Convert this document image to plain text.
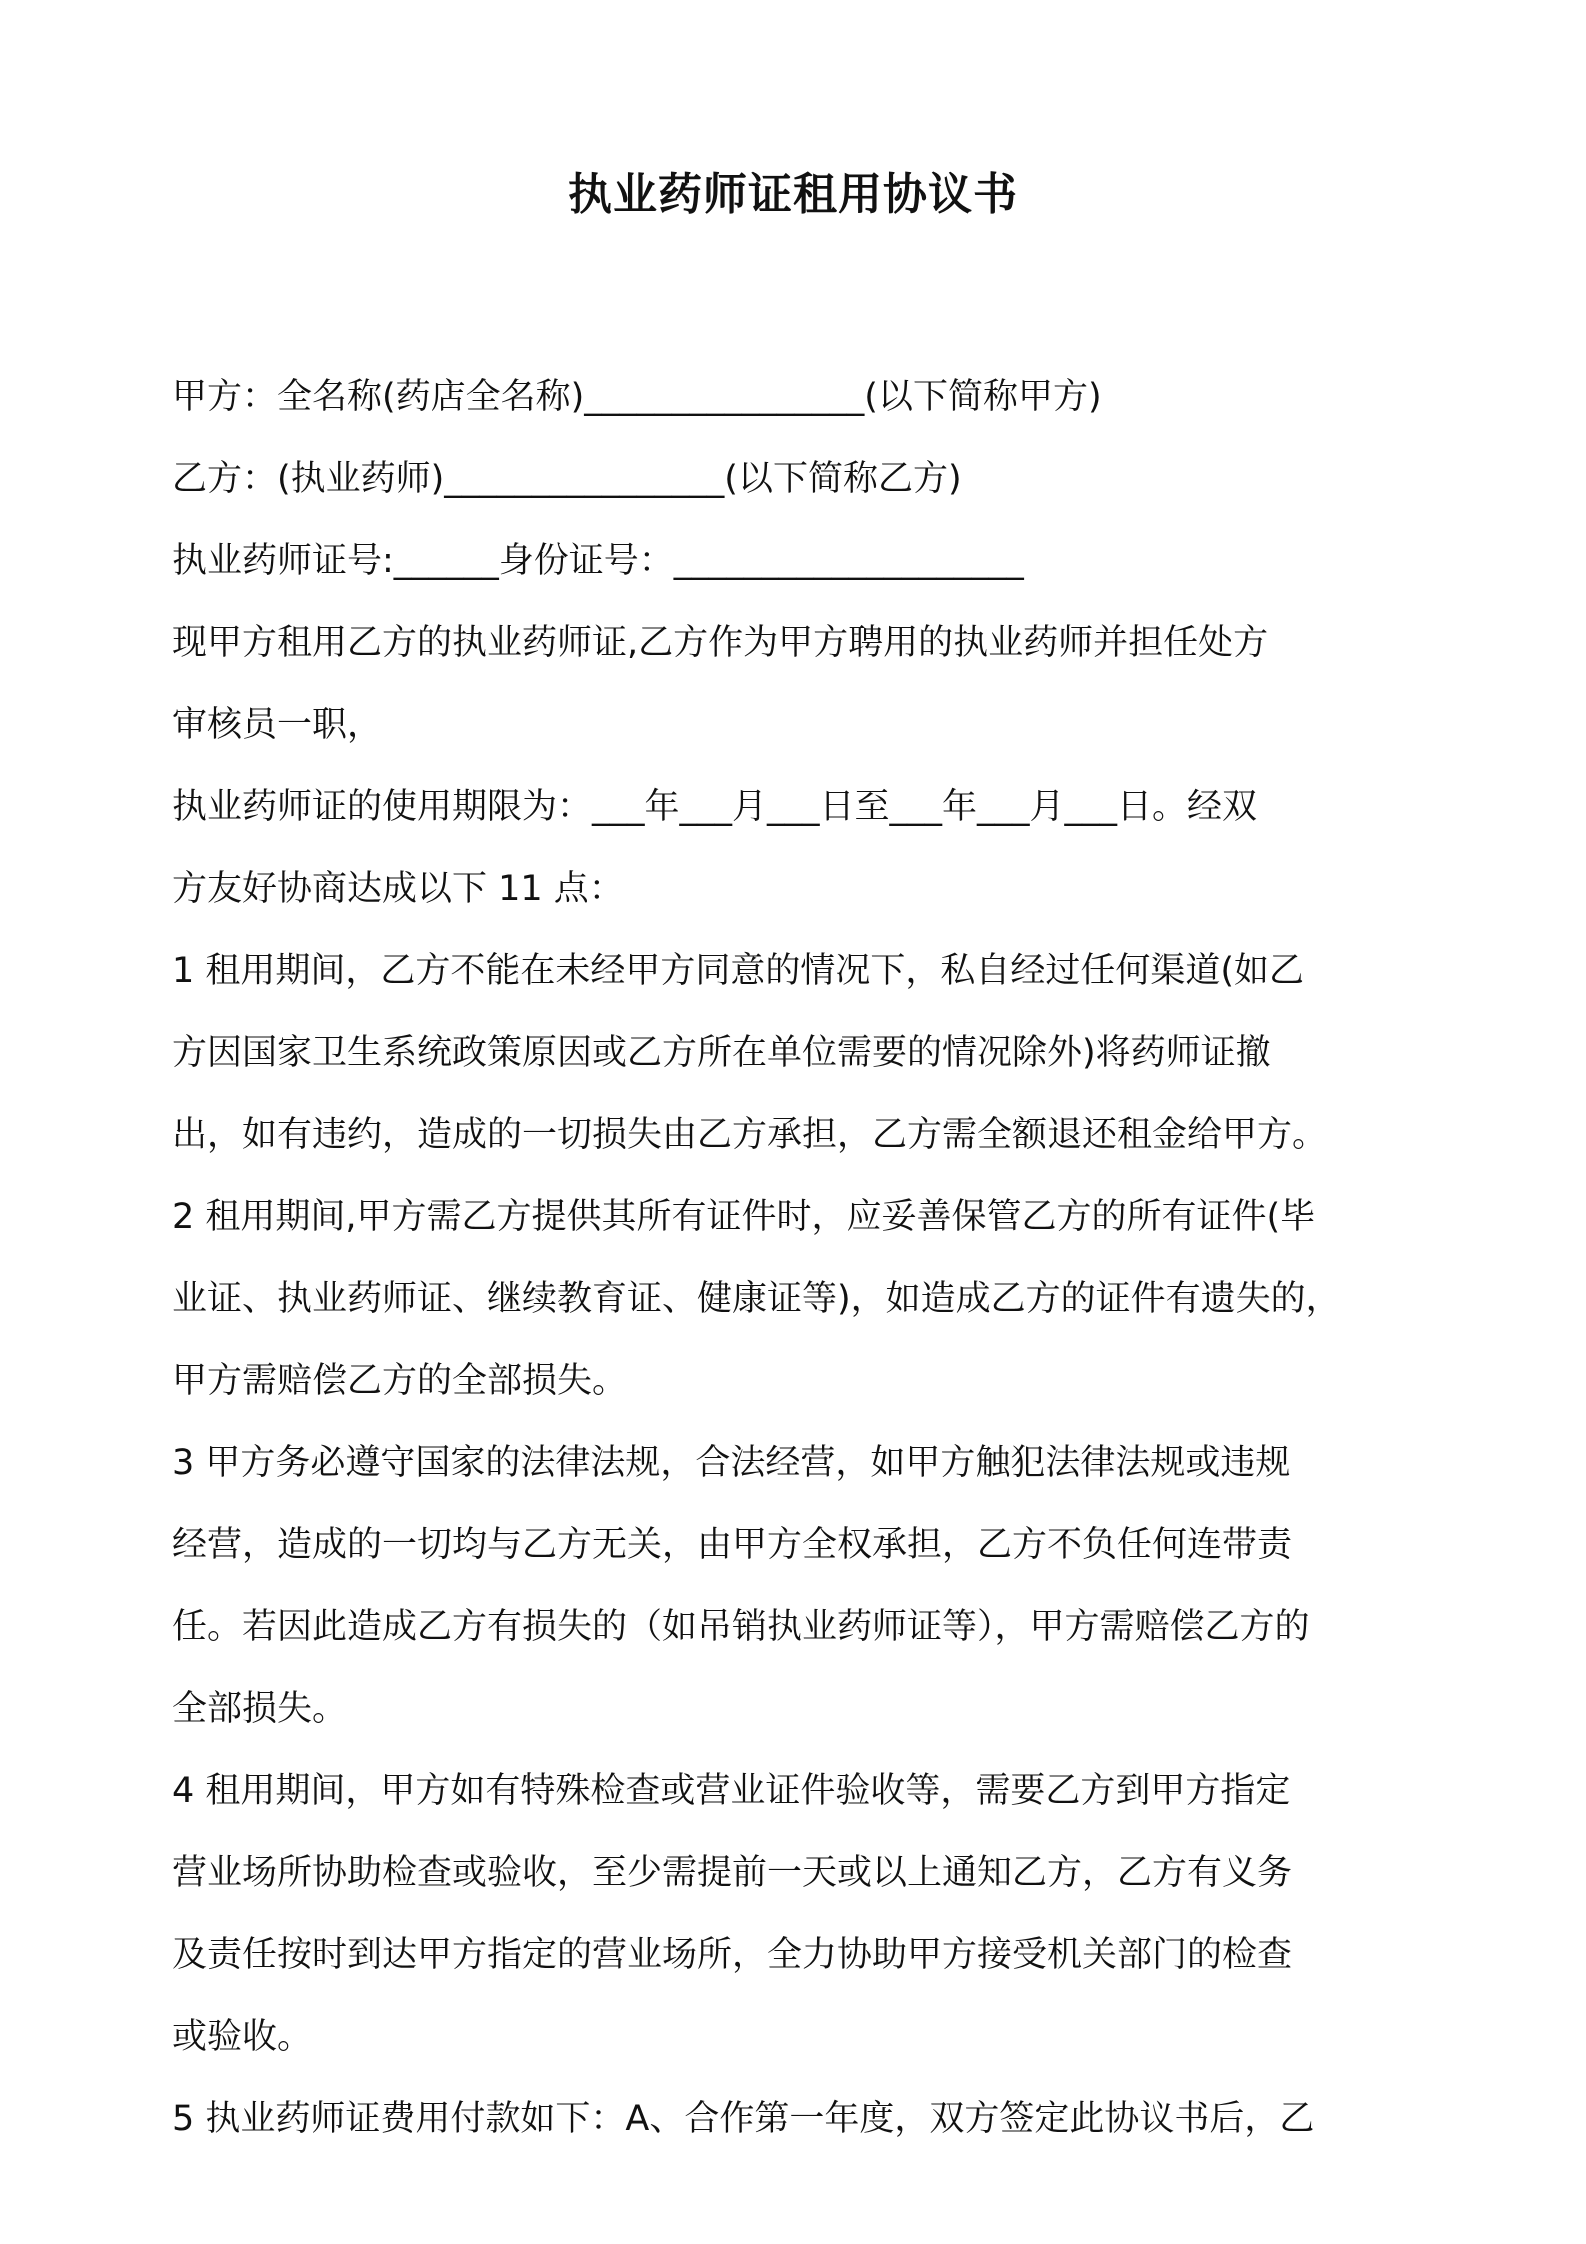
执业药师证租用协议书

甲方：全名称(药店全名称)________________(以下简称甲方)

乙方：(执业药师)________________(以下简称乙方)

执业药师证号:______身份证号：____________________

现甲方租用乙方的执业药师证,乙方作为甲方聘用的执业药师并担任处方

审核员一职，

执业药师证的使用期限为：___年___月___日至___年___月___日。经双

方友好协商达成以下 11 点：

1 租用期间，乙方不能在未经甲方同意的情况下，私自经过任何渠道(如乙

方因国家卫生系统政策原因或乙方所在单位需要的情况除外)将药师证撤

出，如有违约，造成的一切损失由乙方承担，乙方需全额退还租金给甲方。

2 租用期间,甲方需乙方提供其所有证件时，应妥善保管乙方的所有证件(毕

业证、执业药师证、继续教育证、健康证等)，如造成乙方的证件有遗失的，

甲方需赔偿乙方的全部损失。

3 甲方务必遵守国家的法律法规，合法经营，如甲方触犯法律法规或违规

经营，造成的一切均与乙方无关，由甲方全权承担，乙方不负任何连带责

任。若因此造成乙方有损失的（如吊销执业药师证等），甲方需赔偿乙方的

全部损失。

4 租用期间，甲方如有特殊检查或营业证件验收等，需要乙方到甲方指定

营业场所协助检查或验收，至少需提前一天或以上通知乙方，乙方有义务

及责任按时到达甲方指定的营业场所，全力协助甲方接受机关部门的检查

或验收。

5 执业药师证费用付款如下：A、合作第一年度，双方签定此协议书后，乙
